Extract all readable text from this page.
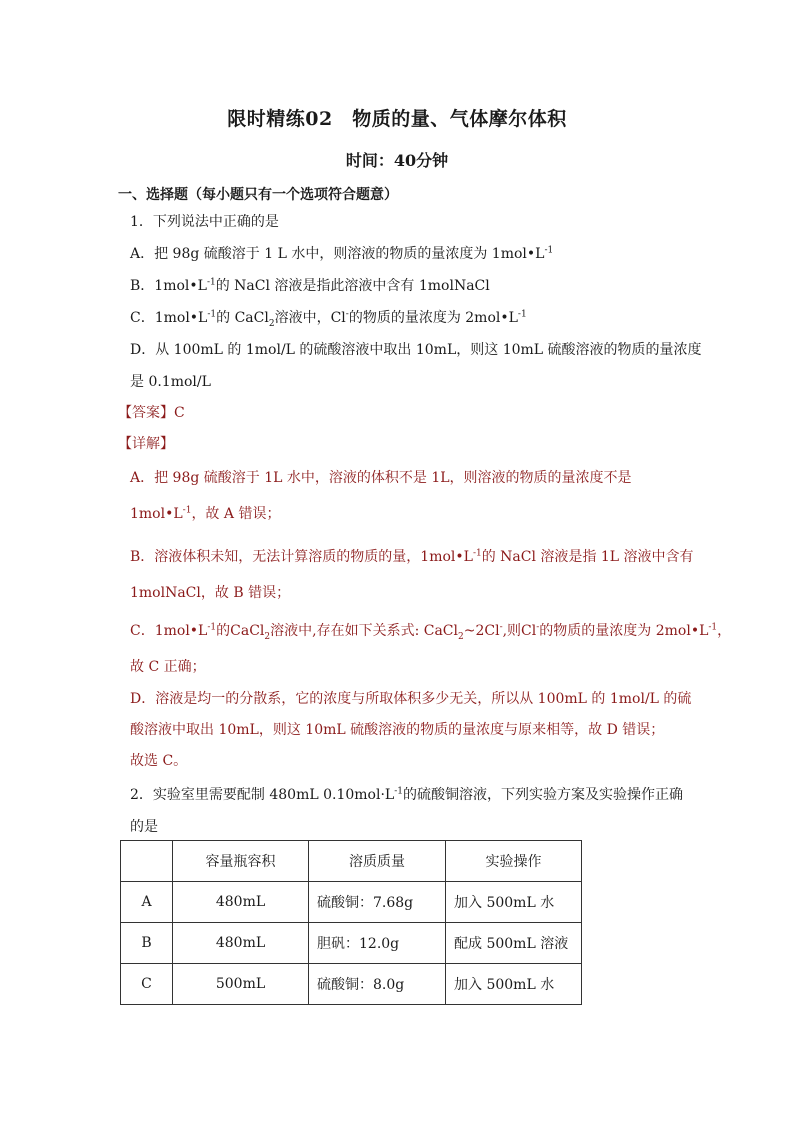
限时精练02　物质的量、气体摩尔体积
时间：40分钟
一、选择题（每小题只有一个选项符合题意）
1．下列说法中正确的是
A．把 98g 硫酸溶于 1 L 水中，则溶液的物质的量浓度为 $1mol•L^{-1}$
B．$1mol•L^{-1}$的 NaCl 溶液是指此溶液中含有 1molNaCl
C．$1mol•L^{-1}$的 CaCl$_2$溶液中，Cl-的物质的量浓度为 $2mol•L^{-1}$
D．从 100mL 的 1mol/L 的硫酸溶液中取出 10mL，则这 10mL 硫酸溶液的物质的量浓度
是 0.1mol/L
【答案】C
【详解】
A．把 98g 硫酸溶于 1L 水中，溶液的体积不是 1L，则溶液的物质的量浓度不是
$1mol•L^{-1}$，故 A 错误；
B．溶液体积未知，无法计算溶质的物质的量，$1mol•L^{-1}$的 NaCl 溶液是指 1L 溶液中含有
1molNaCl，故 B 错误；
C．$1mol•L^{-1}$的CaCl$_2$溶液中,存在如下关系式: CaCl$_2$~2Cl-,则Cl-的物质的量浓度为 $2mol•L^{-1}$，
故 C 正确；
D．溶液是均一的分散系，它的浓度与所取体积多少无关，所以从 100mL 的 1mol/L 的硫
酸溶液中取出 10mL，则这 10mL 硫酸溶液的物质的量浓度与原来相等，故 D 错误；
故选 C。
2．实验室里需要配制 480mL $0.10mol\cdot L^{-1}$的硫酸铜溶液，下列实验方案及实验操作正确
的是
	容量瓶容积	溶质质量	实验操作
A	480mL	硫酸铜：7.68g	加入 500mL 水
B	480mL	胆矾：12.0g	配成 500mL 溶液
C	500mL	硫酸铜：8.0g	加入 500mL 水
